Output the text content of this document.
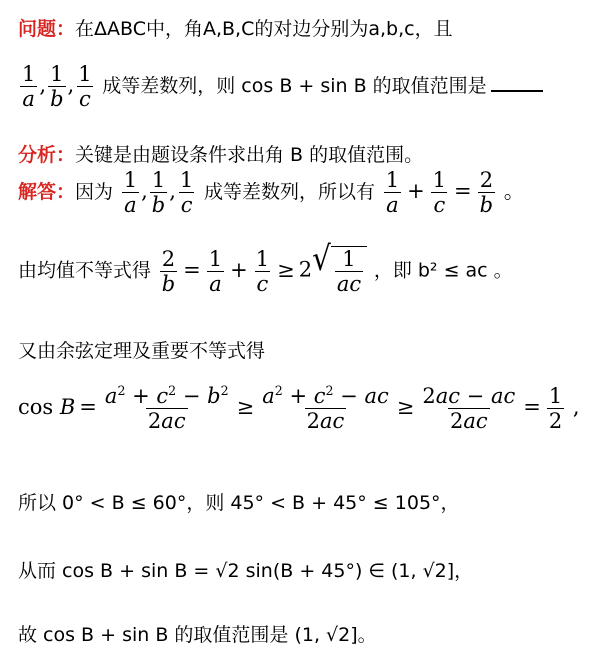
问题：在ΔABC中，角A,B,C的对边分别为a,b,c，且
$\frac{1}{a}$ , $\frac{1}{b}$ , $\frac{1}{c}$ 成等差数列，则 cos B + sin B 的取值范围是
分析：关键是由题设条件求出角 B 的取值范围。
解答：因为 $\frac{1}{a}$ , $\frac{1}{b}$ , $\frac{1}{c}$ 成等差数列，所以有 $\frac{1}{a} + \frac{1}{c} = \frac{2}{b}$ 。
由均值不等式得 $\frac{2}{b} = \frac{1}{a} + \frac{1}{c} \ge 2$ √ $\frac{1}{ac}$ ，即 b² ≤ ac 。
又由余弦定理及重要不等式得
$\cos B = \frac{a^2 + c^2 - b^2}{2ac} \ge \frac{a^2 + c^2 - ac}{2ac} \ge \frac{2ac - ac}{2ac} = \frac{1}{2}$ ,
所以 0° < B ≤ 60°，则 45° < B + 45° ≤ 105°，
从而 cos B + sin B = √2 sin(B + 45°) ∈ (1, √2]，
故 cos B + sin B 的取值范围是 (1, √2]。
